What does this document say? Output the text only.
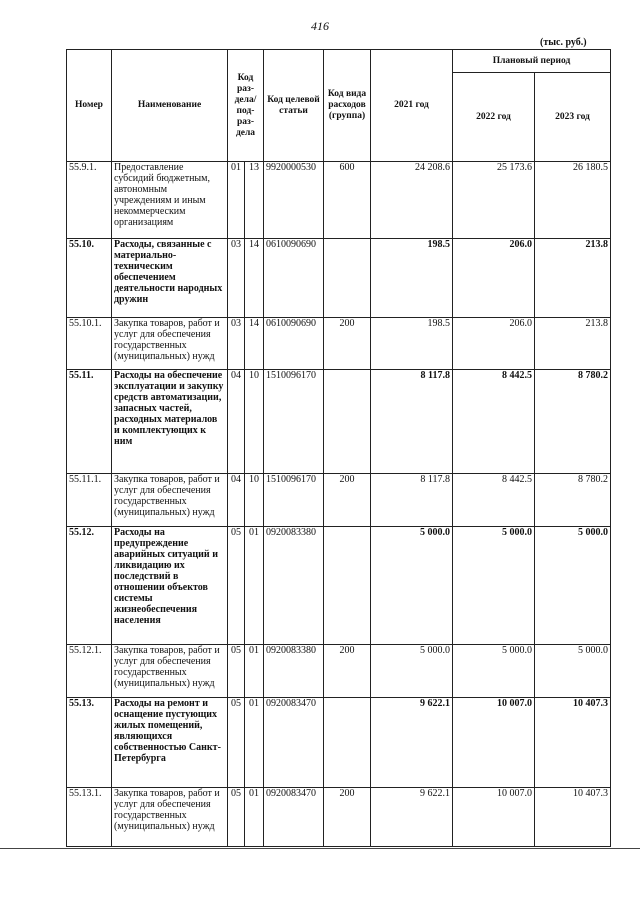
416
(тыс. руб.)
Номер	Наименование	Код раз-дела/ под-раз-дела		Код целевой статьи	Код вида расходов (группа)	2021 год	Плановый период	
							2022 год	2023 год
55.9.1.	Предоставление субсидий бюджетным, автономным учреждениям и иным некоммерческим организациям	01	13	9920000530	600	24 208.6	25 173.6	26 180.5
55.10.	Расходы, связанные с материально-техническим обеспечением деятельности народных дружин	03	14	0610090690		198.5	206.0	213.8
55.10.1.	Закупка товаров, работ и услуг для обеспечения государственных (муниципальных) нужд	03	14	0610090690	200	198.5	206.0	213.8
55.11.	Расходы на обеспечение эксплуатации и закупку средств автоматизации, запасных частей, расходных материалов и комплектующих к ним	04	10	1510096170		8 117.8	8 442.5	8 780.2
55.11.1.	Закупка товаров, работ и услуг для обеспечения государственных (муниципальных) нужд	04	10	1510096170	200	8 117.8	8 442.5	8 780.2
55.12.	Расходы на предупреждение аварийных ситуаций и ликвидацию их последствий в отношении объектов системы жизнеобеспечения населения	05	01	0920083380		5 000.0	5 000.0	5 000.0
55.12.1.	Закупка товаров, работ и услуг для обеспечения государственных (муниципальных) нужд	05	01	0920083380	200	5 000.0	5 000.0	5 000.0
55.13.	Расходы на ремонт и оснащение пустующих жилых помещений, являющихся собственностью Санкт-Петербурга	05	01	0920083470		9 622.1	10 007.0	10 407.3
55.13.1.	Закупка товаров, работ и услуг для обеспечения государственных (муниципальных) нужд	05	01	0920083470	200	9 622.1	10 007.0	10 407.3
